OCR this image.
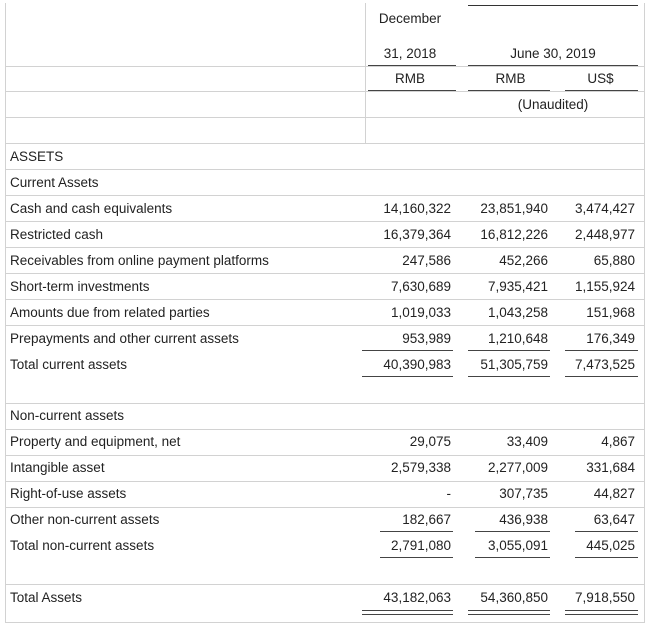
December
31, 2018	June 30, 2019
RMB	RMB	US$
(Unaudited)
ASSETS
Current Assets
Cash and cash equivalents	14,160,322	23,851,940	3,474,427
Restricted cash	16,379,364	16,812,226	2,448,977
Receivables from online payment platforms	247,586	452,266	65,880
Short-term investments	7,630,689	7,935,421	1,155,924
Amounts due from related parties	1,019,033	1,043,258	151,968
Prepayments and other current assets	953,989	1,210,648	176,349
Total current assets	40,390,983	51,305,759	7,473,525
Non-current assets
Property and equipment, net	29,075	33,409	4,867
Intangible asset	2,579,338	2,277,009	331,684
Right-of-use assets	-	307,735	44,827
Other non-current assets	182,667	436,938	63,647
Total non-current assets	2,791,080	3,055,091	445,025
Total Assets	43,182,063	54,360,850	7,918,550
